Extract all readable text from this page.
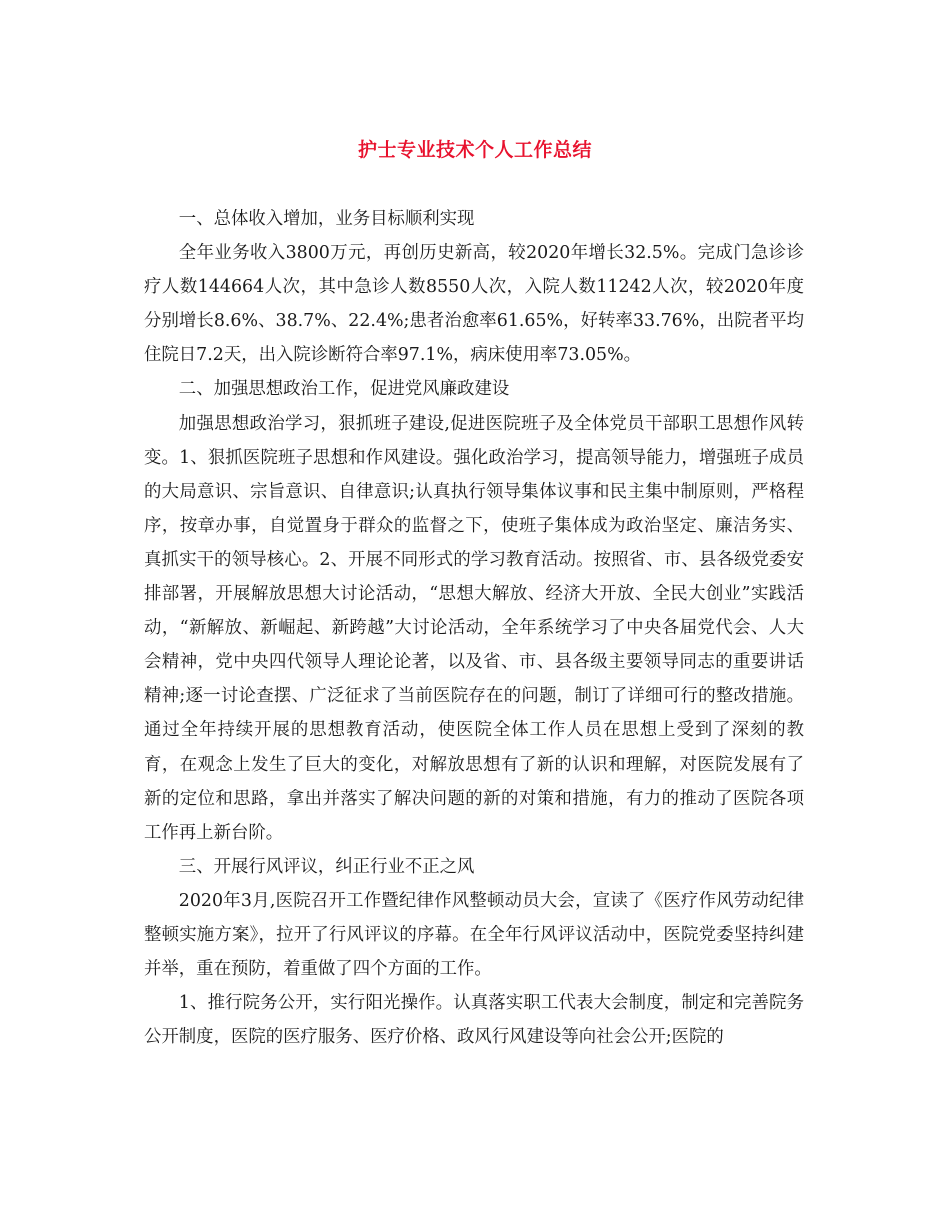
护士专业技术个人工作总结

一、总体收入增加，业务目标顺利实现

全年业务收入3800万元，再创历史新高，较2020年增长32.5%。完成门急诊诊疗人数144664人次，其中急诊人数8550人次，入院人数11242人次，较2020年度分别增长8.6%、38.7%、22.4%;患者治愈率61.65%，好转率33.76%，出院者平均住院日7.2天，出入院诊断符合率97.1%，病床使用率73.05%。

二、加强思想政治工作，促进党风廉政建设

加强思想政治学习，狠抓班子建设,促进医院班子及全体党员干部职工思想作风转变。1、狠抓医院班子思想和作风建设。强化政治学习，提高领导能力，增强班子成员的大局意识、宗旨意识、自律意识;认真执行领导集体议事和民主集中制原则，严格程序，按章办事，自觉置身于群众的监督之下，使班子集体成为政治坚定、廉洁务实、真抓实干的领导核心。2、开展不同形式的学习教育活动。按照省、市、县各级党委安排部署，开展解放思想大讨论活动，“思想大解放、经济大开放、全民大创业”实践活动，“新解放、新崛起、新跨越”大讨论活动，全年系统学习了中央各届党代会、人大会精神，党中央四代领导人理论论著，以及省、市、县各级主要领导同志的重要讲话精神;逐一讨论查摆、广泛征求了当前医院存在的问题，制订了详细可行的整改措施。通过全年持续开展的思想教育活动，使医院全体工作人员在思想上受到了深刻的教育，在观念上发生了巨大的变化，对解放思想有了新的认识和理解，对医院发展有了新的定位和思路，拿出并落实了解决问题的新的对策和措施，有力的推动了医院各项工作再上新台阶。

三、开展行风评议，纠正行业不正之风

2020年3月,医院召开工作暨纪律作风整顿动员大会，宣读了《医疗作风劳动纪律整顿实施方案》，拉开了行风评议的序幕。在全年行风评议活动中，医院党委坚持纠建并举，重在预防，着重做了四个方面的工作。

1、推行院务公开，实行阳光操作。认真落实职工代表大会制度，制定和完善院务公开制度，医院的医疗服务、医疗价格、政风行风建设等向社会公开;医院的
